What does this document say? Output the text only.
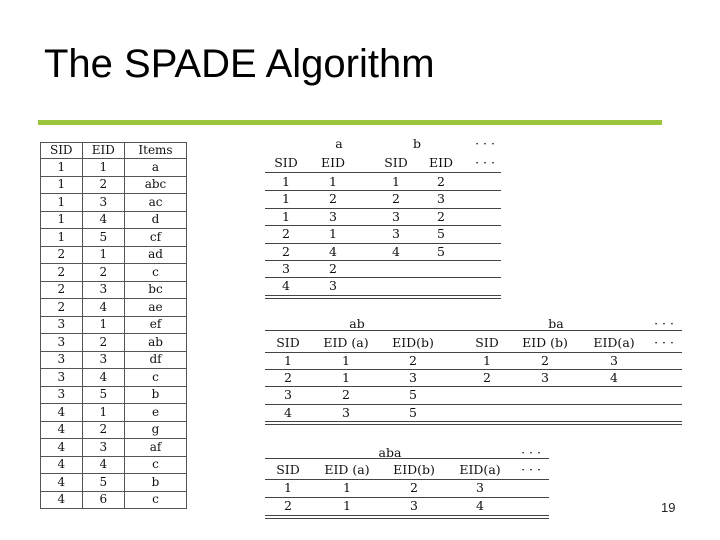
The SPADE Algorithm
SID	EID	Items
1	1	a
1	2	abc
1	3	ac
1	4	d
1	5	cf
2	1	ad
2	2	c
2	3	bc
2	4	ae
3	1	ef
3	2	ab
3	3	df
3	4	c
3	5	b
4	1	e
4	2	g
4	3	af
4	4	c
4	5	b
4	6	c
a	b	· · ·
SID EID	SID EID · · ·
1	1	1	2
1	2	2	3
1	3	3	2
2	1	3	5
2	4	4	5
3	2
4	3
ab	ba	· · ·
SID EID (a) EID(b)	SID EID (b) EID(a) · · ·
1	1	2	1	2	3
2	1	3	2	3	4
3	2	5
4	3	5
aba	· · ·
SID EID (a) EID(b) EID(a) · · ·
1	1	2	3
2	1	3	4	19
